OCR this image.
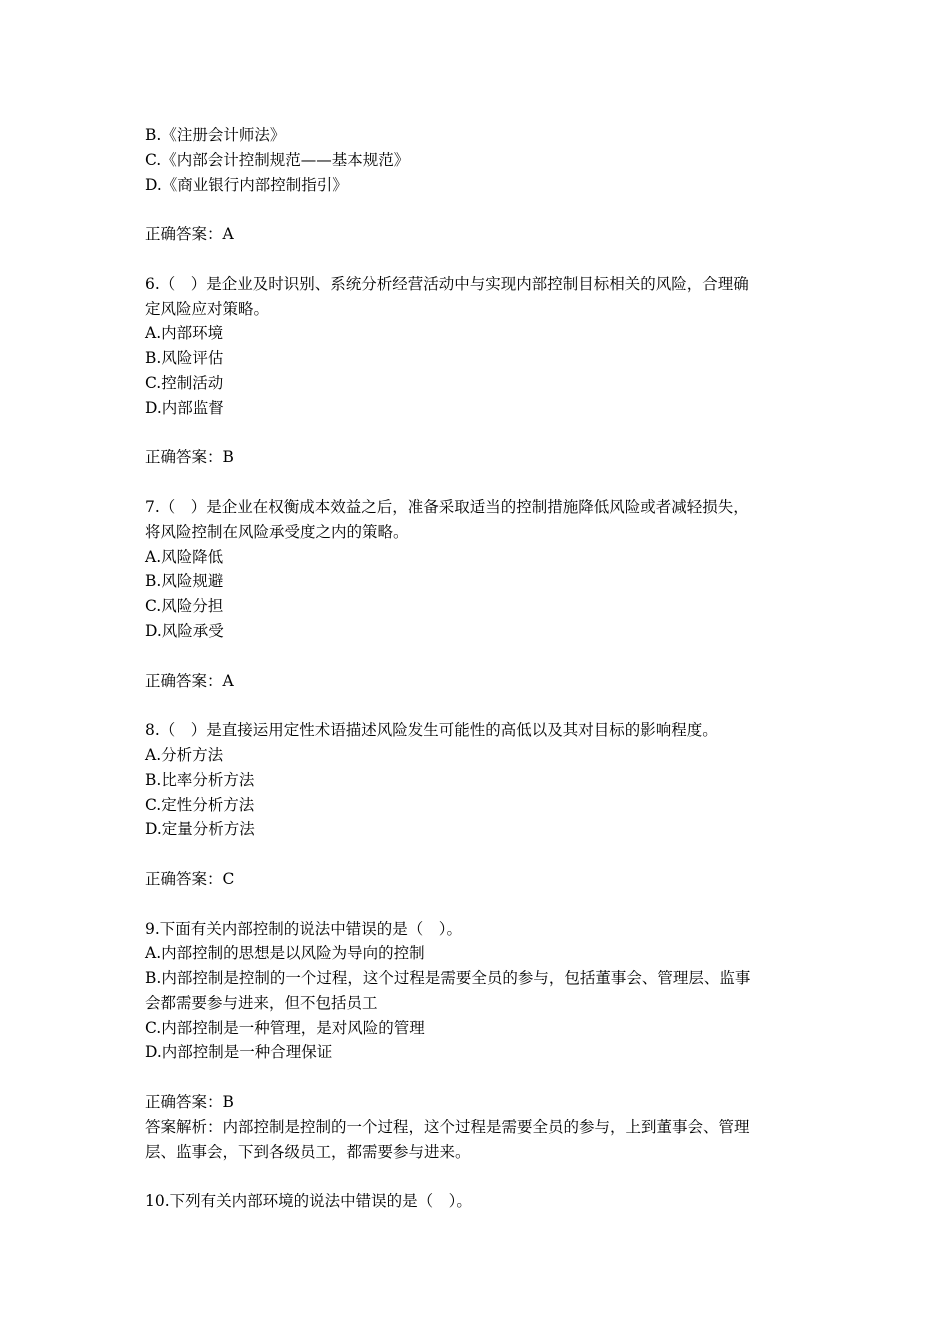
B.《注册会计师法》
C.《内部会计控制规范——基本规范》
D.《商业银行内部控制指引》
正确答案：A
6.（　）是企业及时识别、系统分析经营活动中与实现内部控制目标相关的风险，合理确
定风险应对策略。
A.内部环境
B.风险评估
C.控制活动
D.内部监督
正确答案：B
7.（　）是企业在权衡成本效益之后，准备采取适当的控制措施降低风险或者减轻损失，
将风险控制在风险承受度之内的策略。
A.风险降低
B.风险规避
C.风险分担
D.风险承受
正确答案：A
8.（　）是直接运用定性术语描述风险发生可能性的高低以及其对目标的影响程度。
A.分析方法
B.比率分析方法
C.定性分析方法
D.定量分析方法
正确答案：C
9.下面有关内部控制的说法中错误的是（　）。
A.内部控制的思想是以风险为导向的控制
B.内部控制是控制的一个过程，这个过程是需要全员的参与，包括董事会、管理层、监事
会都需要参与进来，但不包括员工
C.内部控制是一种管理，是对风险的管理
D.内部控制是一种合理保证
正确答案：B
答案解析：内部控制是控制的一个过程，这个过程是需要全员的参与，上到董事会、管理
层、监事会，下到各级员工，都需要参与进来。
10.下列有关内部环境的说法中错误的是（　）。
